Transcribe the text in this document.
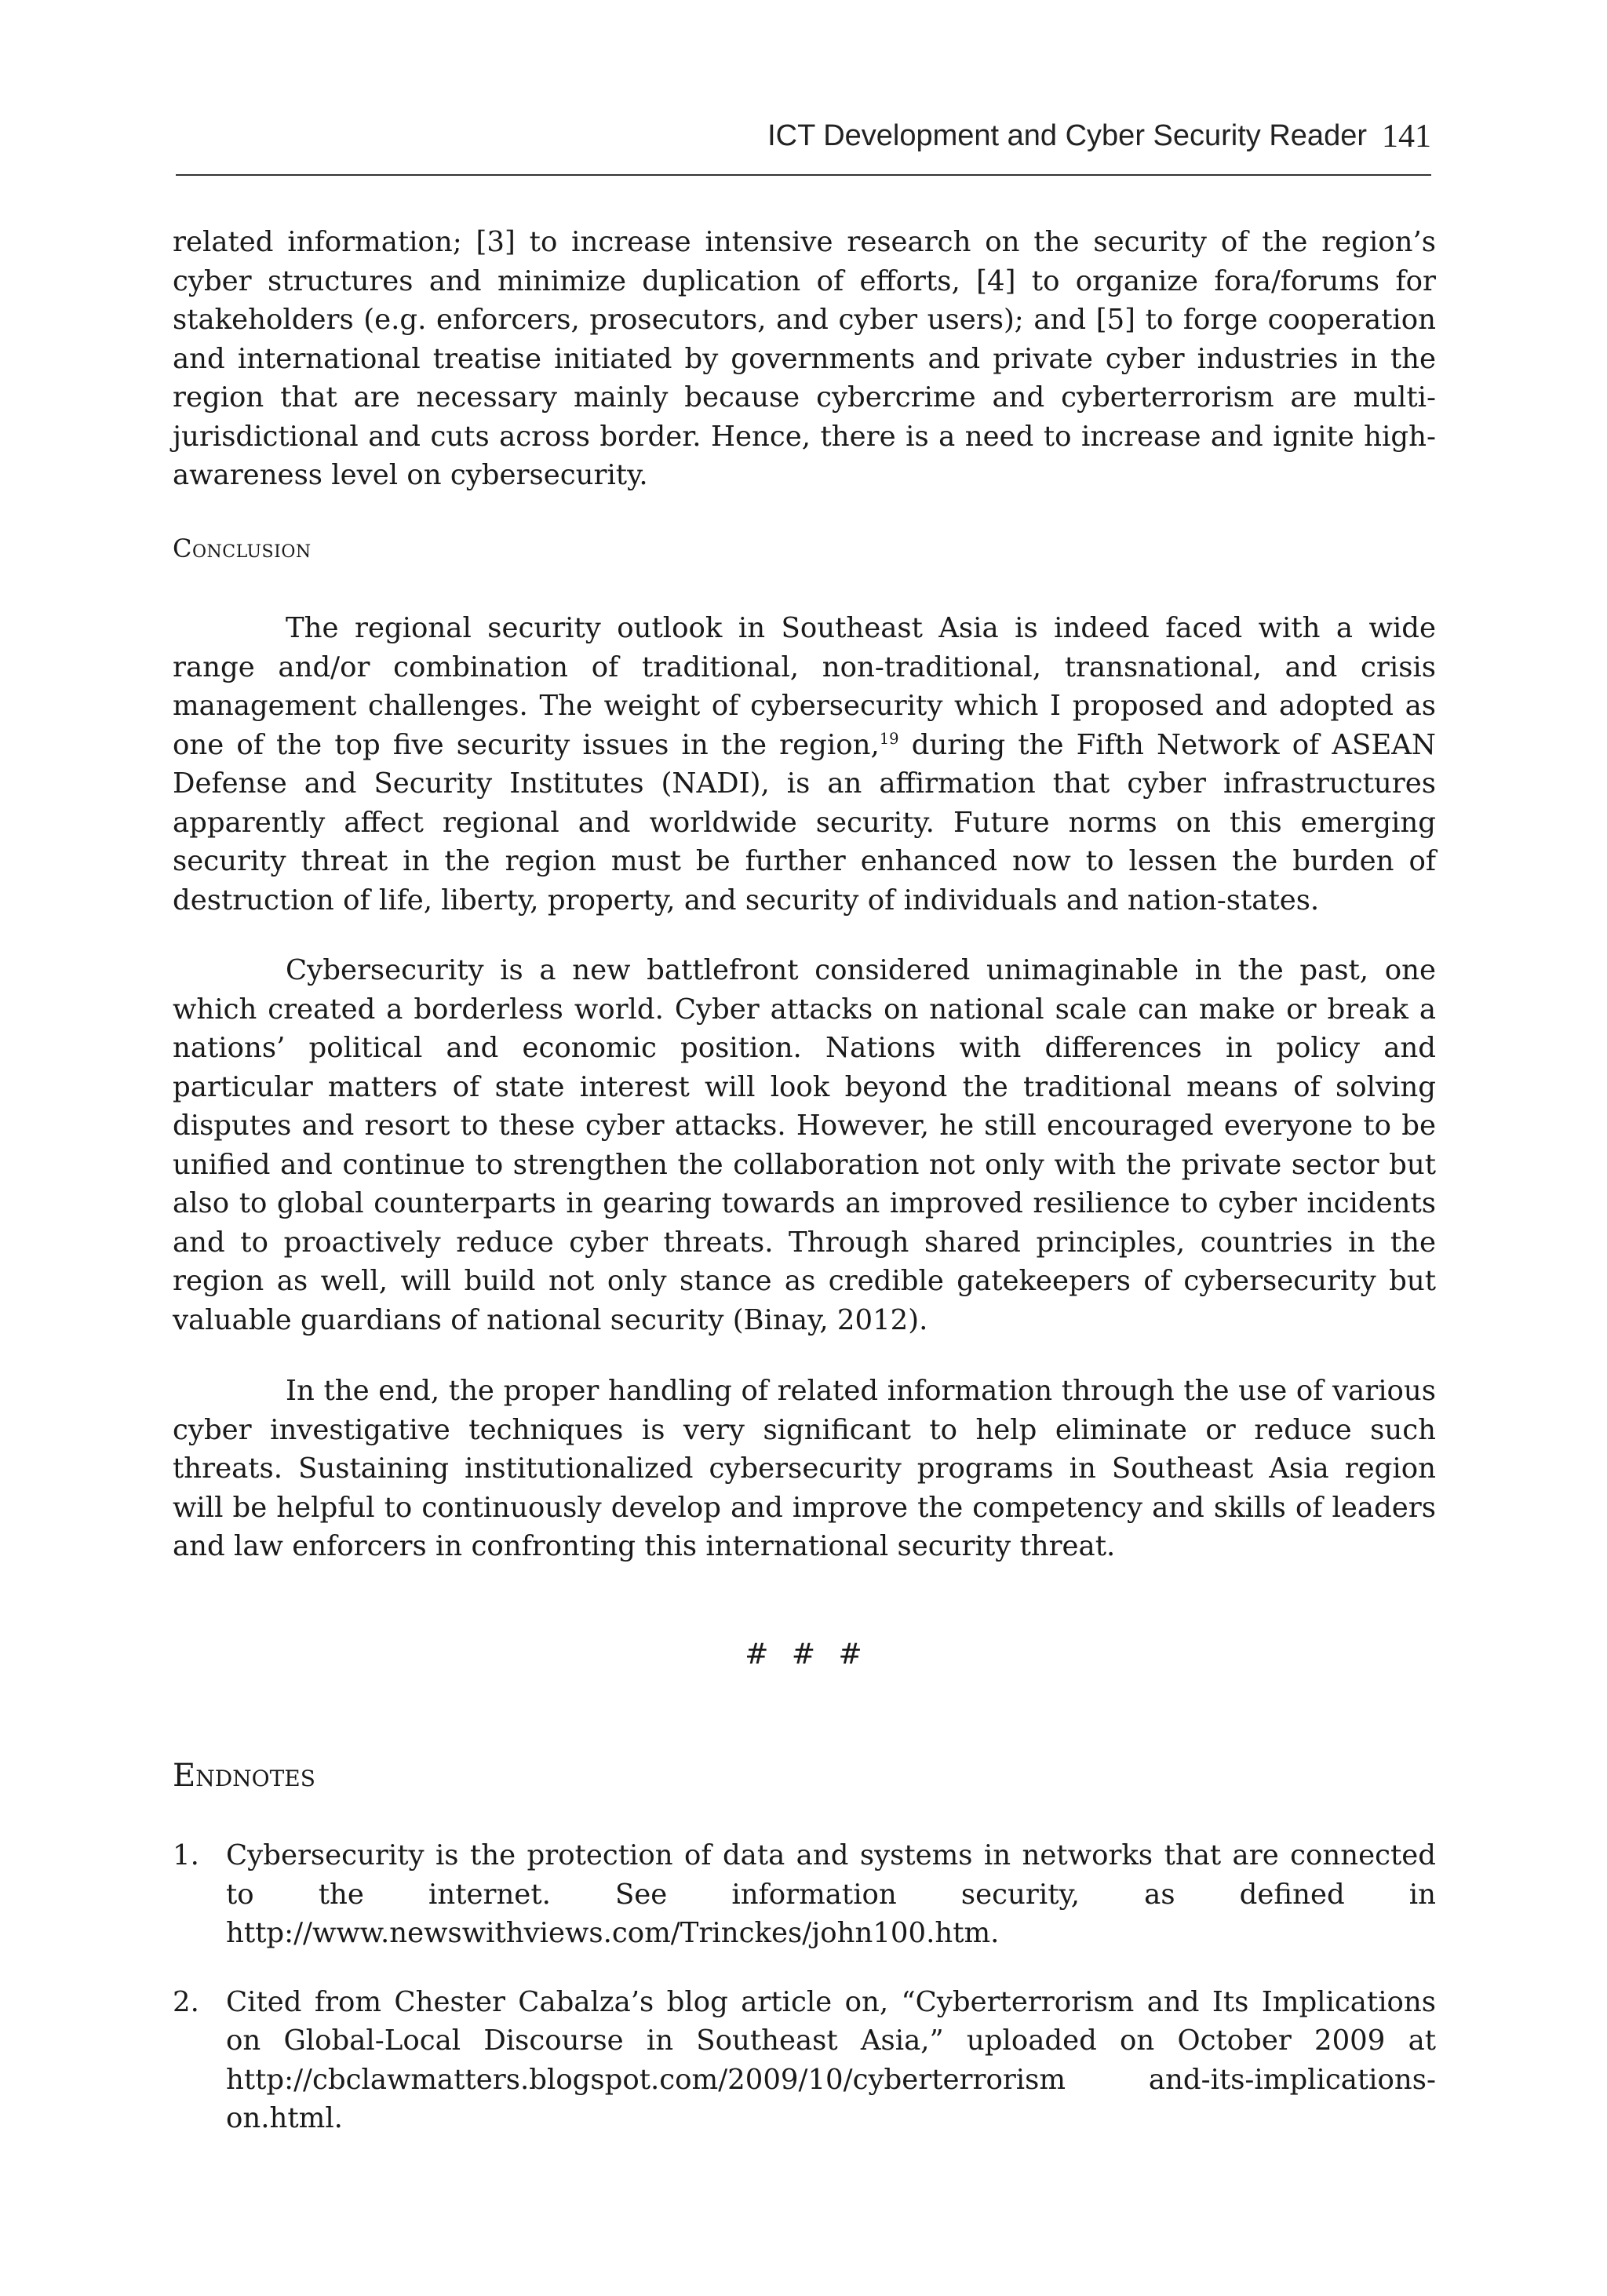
ICT Development and Cyber Security Reader 141

related information; [3] to increase intensive research on the security of the region’s cyber structures and minimize duplication of efforts, [4] to organize fora/forums for stakeholders (e.g. enforcers, prosecutors, and cyber users); and [5] to forge cooperation and international treatise initiated by governments and private cyber industries in the region that are necessary mainly because cybercrime and cyberterrorism are multi-jurisdictional and cuts across border. Hence, there is a need to increase and ignite high-awareness level on cybersecurity.

Conclusion

The regional security outlook in Southeast Asia is indeed faced with a wide range and/or combination of traditional, non-traditional, transnational, and crisis management challenges. The weight of cybersecurity which I proposed and adopted as one of the top five security issues in the region,$^{19}$ during the Fifth Network of ASEAN Defense and Security Institutes (NADI), is an affirmation that cyber infrastructures apparently affect regional and worldwide security. Future norms on this emerging security threat in the region must be further enhanced now to lessen the burden of destruction of life, liberty, property, and security of individuals and nation-states.

Cybersecurity is a new battlefront considered unimaginable in the past, one which created a borderless world. Cyber attacks on national scale can make or break a nations’ political and economic position. Nations with differences in policy and particular matters of state interest will look beyond the traditional means of solving disputes and resort to these cyber attacks. However, he still encouraged everyone to be unified and continue to strengthen the collaboration not only with the private sector but also to global counterparts in gearing towards an improved resilience to cyber incidents and to proactively reduce cyber threats. Through shared principles, countries in the region as well, will build not only stance as credible gatekeepers of cybersecurity but valuable guardians of national security (Binay, 2012).

In the end, the proper handling of related information through the use of various cyber investigative techniques is very significant to help eliminate or reduce such threats. Sustaining institutionalized cybersecurity programs in Southeast Asia region will be helpful to continuously develop and improve the competency and skills of leaders and law enforcers in confronting this international security threat.

# # #
Endnotes
1. Cybersecurity is the protection of data and systems in networks that are connected to the internet. See information security, as defined in http://www.newswithviews.com/Trinckes/john100.htm.
2. Cited from Chester Cabalza’s blog article on, “Cyberterrorism and Its Implications on Global-Local Discourse in Southeast Asia,” uploaded on October 2009 at http://cbclawmatters.blogspot.com/2009/10/cyberterrorism and-its-implications-on.html.
